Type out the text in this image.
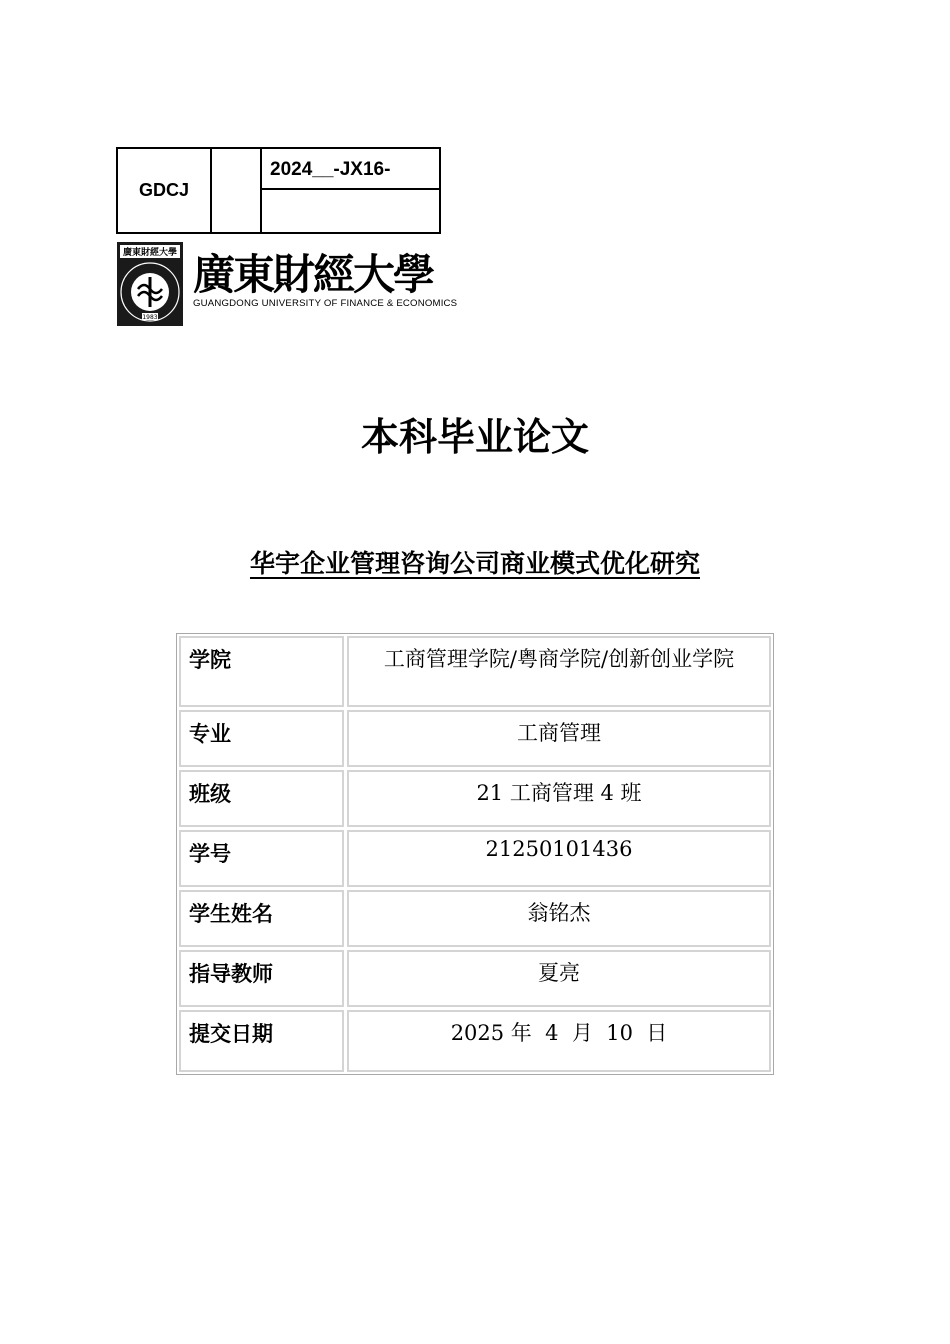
GDCJ
2024__-JX16-
廣東財經大學
1983
廣東財經大學
GUANGDONG UNIVERSITY OF FINANCE & ECONOMICS
本科毕业论文
华宇企业管理咨询公司商业模式优化研究
学院	工商管理学院/粤商学院/创新创业学院
专业	工商管理
班级	21 工商管理 4 班
学号	21250101436
学生姓名	翁铭杰
指导教师	夏亮
提交日期	2025 年  4  月  10  日
